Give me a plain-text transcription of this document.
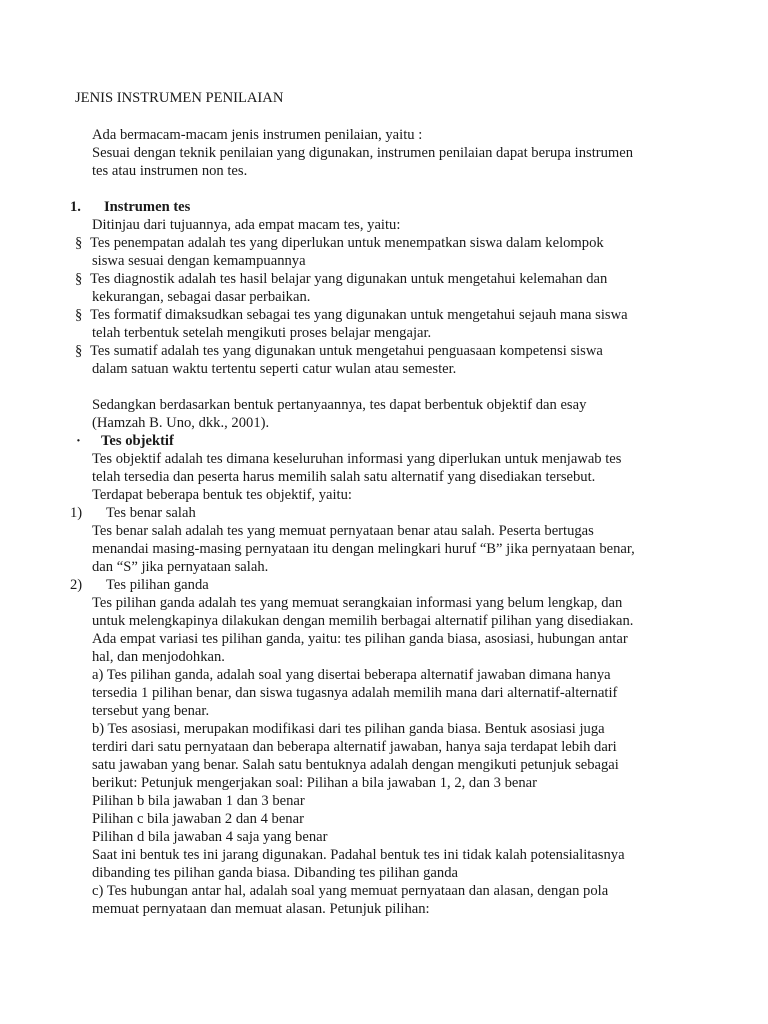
JENIS INSTRUMEN PENILAIAN
Ada bermacam-macam jenis instrumen penilaian, yaitu :
Sesuai dengan teknik penilaian yang digunakan, instrumen penilaian dapat berupa instrumen
tes atau instrumen non tes.
1. Instrumen tes
Ditinjau dari tujuannya, ada empat macam tes, yaitu:
§ Tes penempatan adalah tes yang diperlukan untuk menempatkan siswa dalam kelompok
siswa sesuai dengan kemampuannya
§ Tes diagnostik adalah tes hasil belajar yang digunakan untuk mengetahui kelemahan dan
kekurangan, sebagai dasar perbaikan.
§ Tes formatif dimaksudkan sebagai tes yang digunakan untuk mengetahui sejauh mana siswa
telah terbentuk setelah mengikuti proses belajar mengajar.
§ Tes sumatif adalah tes yang digunakan untuk mengetahui penguasaan kompetensi siswa
dalam satuan waktu tertentu seperti catur wulan atau semester.
Sedangkan berdasarkan bentuk pertanyaannya, tes dapat berbentuk objektif dan esay
(Hamzah B. Uno, dkk., 2001).
· Tes objektif
Tes objektif adalah tes dimana keseluruhan informasi yang diperlukan untuk menjawab tes
telah tersedia dan peserta harus memilih salah satu alternatif yang disediakan tersebut.
Terdapat beberapa bentuk tes objektif, yaitu:
1) Tes benar salah
Tes benar salah adalah tes yang memuat pernyataan benar atau salah. Peserta bertugas
menandai masing-masing pernyataan itu dengan melingkari huruf “B” jika pernyataan benar,
dan “S” jika pernyataan salah.
2) Tes pilihan ganda
Tes pilihan ganda adalah tes yang memuat serangkaian informasi yang belum lengkap, dan
untuk melengkapinya dilakukan dengan memilih berbagai alternatif pilihan yang disediakan.
Ada empat variasi tes pilihan ganda, yaitu: tes pilihan ganda biasa, asosiasi, hubungan antar
hal, dan menjodohkan.
a) Tes pilihan ganda, adalah soal yang disertai beberapa alternatif jawaban dimana hanya
tersedia 1 pilihan benar, dan siswa tugasnya adalah memilih mana dari alternatif-alternatif
tersebut yang benar.
b) Tes asosiasi, merupakan modifikasi dari tes pilihan ganda biasa. Bentuk asosiasi juga
terdiri dari satu pernyataan dan beberapa alternatif jawaban, hanya saja terdapat lebih dari
satu jawaban yang benar. Salah satu bentuknya adalah dengan mengikuti petunjuk sebagai
berikut: Petunjuk mengerjakan soal: Pilihan a bila jawaban 1, 2, dan 3 benar
Pilihan b bila jawaban 1 dan 3 benar
Pilihan c bila jawaban 2 dan 4 benar
Pilihan d bila jawaban 4 saja yang benar
Saat ini bentuk tes ini jarang digunakan. Padahal bentuk tes ini tidak kalah potensialitasnya
dibanding tes pilihan ganda biasa. Dibanding tes pilihan ganda
c) Tes hubungan antar hal, adalah soal yang memuat pernyataan dan alasan, dengan pola
memuat pernyataan dan memuat alasan. Petunjuk pilihan:
